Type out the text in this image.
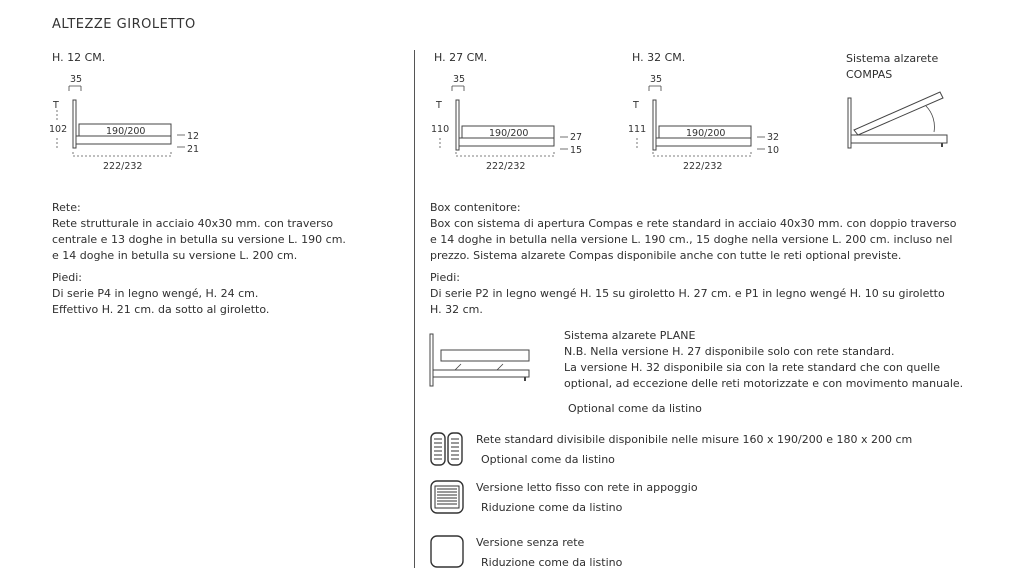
ALTEZZE GIROLETTO
H. 12 CM.
35
T
102	190/200	12
21
222/232
H. 27 CM.
35
T
110	190/200	27
15
222/232
H. 32 CM.
35
T
111	190/200	32
10
222/232
Sistema alzarete
COMPAS
Rete:
Rete strutturale in acciaio 40x30 mm. con traverso
centrale e 13 doghe in betulla su versione L. 190 cm.
e 14 doghe in betulla su versione L. 200 cm.
Piedi:
Di serie P4 in legno wengé, H. 24 cm.
Effettivo H. 21 cm. da sotto al giroletto.
Box contenitore:
Box con sistema di apertura Compas e rete standard in acciaio 40x30 mm. con doppio traverso
e 14 doghe in betulla nella versione L. 190 cm., 15 doghe nella versione L. 200 cm. incluso nel
prezzo. Sistema alzarete Compas disponibile anche con tutte le reti optional previste.
Piedi:
Di serie P2 in legno wengé H. 15 su giroletto H. 27 cm. e P1 in legno wengé H. 10 su giroletto
H. 32 cm.
Sistema alzarete PLANE
N.B. Nella versione H. 27 disponibile solo con rete standard.
La versione H. 32 disponibile sia con la rete standard che con quelle
optional, ad eccezione delle reti motorizzate e con movimento manuale.
Optional come da listino
Rete standard divisibile disponibile nelle misure 160 x 190/200 e 180 x 200 cm
Optional come da listino
Versione letto fisso con rete in appoggio
Riduzione come da listino
Versione senza rete
Riduzione come da listino
